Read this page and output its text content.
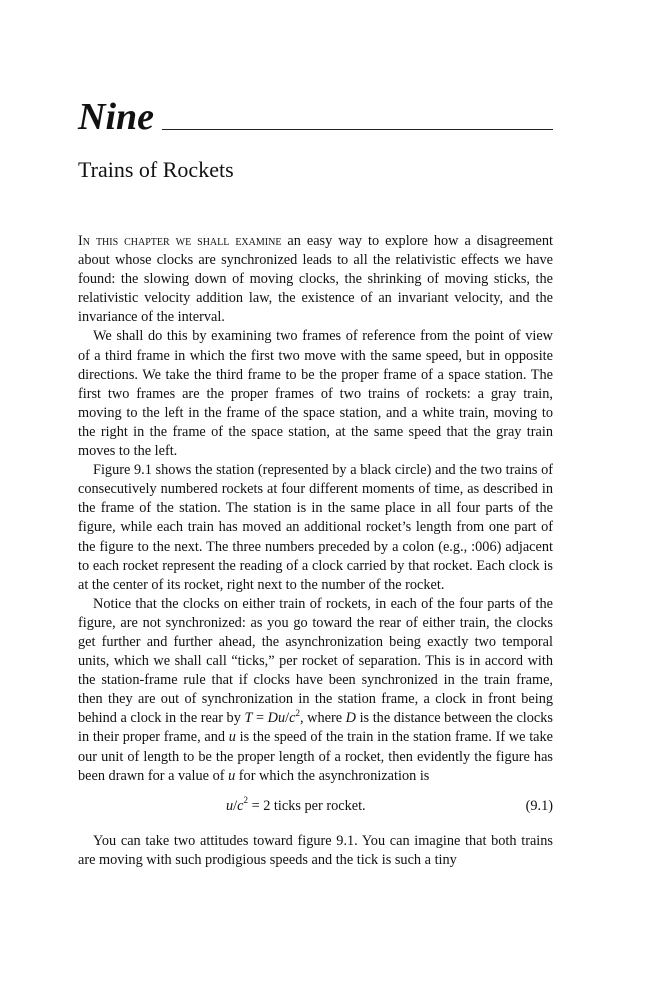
Nine
Trains of Rockets

In this chapter we shall examine an easy way to explore how a disagreement about whose clocks are synchronized leads to all the relativistic effects we have found: the slowing down of moving clocks, the shrinking of moving sticks, the relativistic velocity addition law, the existence of an invariant velocity, and the invariance of the interval.

We shall do this by examining two frames of reference from the point of view of a third frame in which the first two move with the same speed, but in opposite directions. We take the third frame to be the proper frame of a space station. The first two frames are the proper frames of two trains of rockets: a gray train, moving to the left in the frame of the space station, and a white train, moving to the right in the frame of the space station, at the same speed that the gray train moves to the left.

Figure 9.1 shows the station (represented by a black circle) and the two trains of consecutively numbered rockets at four different moments of time, as described in the frame of the station. The station is in the same place in all four parts of the figure, while each train has moved an additional rocket’s length from one part of the figure to the next. The three numbers preceded by a colon (e.g., :006) adjacent to each rocket represent the reading of a clock carried by that rocket. Each clock is at the center of its rocket, right next to the number of the rocket.

Notice that the clocks on either train of rockets, in each of the four parts of the figure, are not synchronized: as you go toward the rear of either train, the clocks get further and further ahead, the asynchronization being exactly two temporal units, which we shall call “ticks,” per rocket of separation. This is in accord with the station-frame rule that if clocks have been synchronized in the train frame, then they are out of synchronization in the station frame, a clock in front being behind a clock in the rear by $T = Du/c^2$, where D is the distance between the clocks in their proper frame, and u is the speed of the train in the station frame. If we take our unit of length to be the proper length of a rocket, then evidently the figure has been drawn for a value of u for which the asynchronization is

$u/c^2 = 2$ ticks per rocket.	(9.1)

You can take two attitudes toward figure 9.1. You can imagine that both trains are moving with such prodigious speeds and the tick is such a tiny
